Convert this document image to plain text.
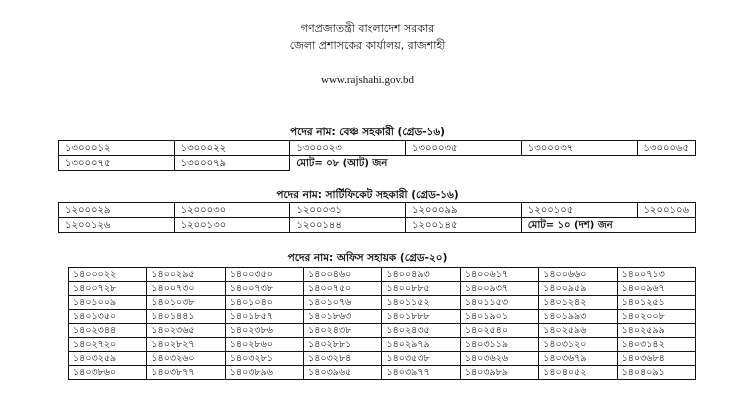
গণপ্রজাতন্ত্রী বাংলাদেশ সরকার
জেলা প্রশাসকের কার্যালয়, রাজশাহী
www.rajshahi.gov.bd
পদের নাম: বেঞ্চ সহকারী (গ্রেড-১৬)
১৩০০০১২	১৩০০০২২	১৩০০০২৩	১৩০০০৩৫	১৩০০০৩৭	১৩০০০৬৫
১৩০০০৭৫	১৩০০০৭৯	মোট= ০৮ (আট) জন			
পদের নাম: সার্টিফিকেট সহকারী (গ্রেড-১৬)
১২০০০২৯	১২০০০৩০	১২০০০৩১	১২০০০৯৯	১২০০১০৫	১২০০১০৬
১২০০১২৬	১২০০১৩০	১২০০১৪৪	১২০০১৪৫	মোট= ১০ (দশ) জন	
পদের নাম: অফিস সহায়ক (গ্রেড-২০)
১৪০০০২২	১৪০০২৯৫	১৪০০৩৫০	১৪০০৪৬০	১৪০০৪৯৩	১৪০০৬১৭	১৪০০৬৬০	১৪০০৭১৩
১৪০০৭২৮	১৪০০৭৩০	১৪০০৭৩৮	১৪০০৭৫০	১৪০০৮৮৫	১৪০০৯৩৭	১৪০০৯৫৯	১৪০০৯৬৭
১৪০১০০৯	১৪০১০৩৮	১৪০১০৪০	১৪০১০৭৬	১৪০১১৫২	১৪০১১৫৩	১৪০১২৪২	১৪০১২৫১
১৪০১৩৫০	১৪০১৪৪১	১৪০১৮৫৭	১৪০১৮৬৩	১৪০১৮৮৮	১৪০১৯০১	১৪০১৯৯৩	১৪০২০০৮
১৪০২৩৪৪	১৪০২৩৬৫	১৪০২৩৮৬	১৪০২৪৩৮	১৪০২৪৩৫	১৪০২৫৪০	১৪০২৫৯৬	১৪০২৫৯৯
১৪০২৭২০	১৪০২৮২৭	১৪০২৮৬০	১৪০২৮৮১	১৪০২৯৭৯	১৪০৩১১৯	১৪০৩১২০	১৪০৩১৪২
১৪০৩২৫৯	১৪০৩২৬০	১৪০৩২৮১	১৪০৩২৮৪	১৪০৩৫৩৮	১৪০৩৬২৬	১৪০৩৬৭৯	১৪০৩৬৮৪
১৪০৩৮৬০	১৪০৩৮৭৭	১৪০৩৮৯৬	১৪০৩৯৬৫	১৪০৩৯৭৭	১৪০৩৯৮৯	১৪০৪০৫২	১৪০৪০৯১
